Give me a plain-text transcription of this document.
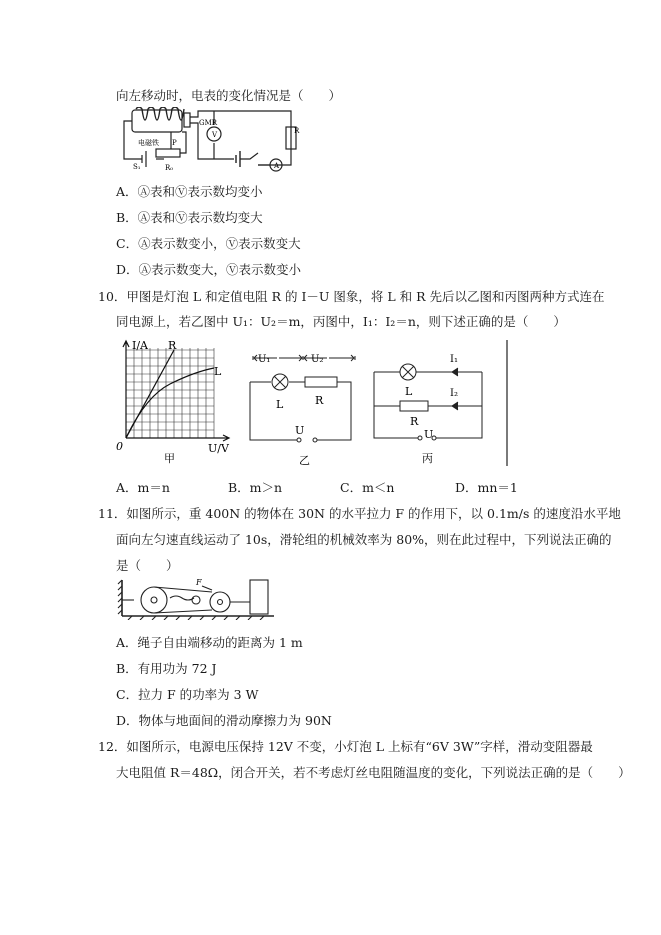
向左移动时，电表的变化情况是（　　）
GMR
V
A
电磁铁
R
P
S₁	R₀
A．Ⓐ表和Ⓥ表示数均变小
B．Ⓐ表和Ⓥ表示数均变大
C．Ⓐ表示数变小，Ⓥ表示数变大
D．Ⓐ表示数变大，Ⓥ表示数变小
10．甲图是灯泡 L 和定值电阻 R 的 I－U 图象，将 L 和 R 先后以乙图和丙图两种方式连在
同电源上，若乙图中 U₁：U₂＝m，丙图中，I₁：I₂＝n，则下述正确的是（　　）
I/A R
L
0	U/V
甲
U₁	U₂
L	R
U
乙
I₁
I₂
L
R
U
丙
A．m＝n	B．m＞n	C．m＜n	D．mn＝1
11．如图所示，重 400N 的物体在 30N 的水平拉力 F 的作用下，以 0.1m/s 的速度沿水平地
面向左匀速直线运动了 10s，滑轮组的机械效率为 80%，则在此过程中，下列说法正确的
是（　　）
F
A．绳子自由端移动的距离为 1 m
B．有用功为 72 J
C．拉力 F 的功率为 3 W
D．物体与地面间的滑动摩擦力为 90N
12．如图所示，电源电压保持 12V 不变，小灯泡 L 上标有“6V 3W”字样，滑动变阻器最
大电阻值 R＝48Ω，闭合开关，若不考虑灯丝电阻随温度的变化，下列说法正确的是（　　）
